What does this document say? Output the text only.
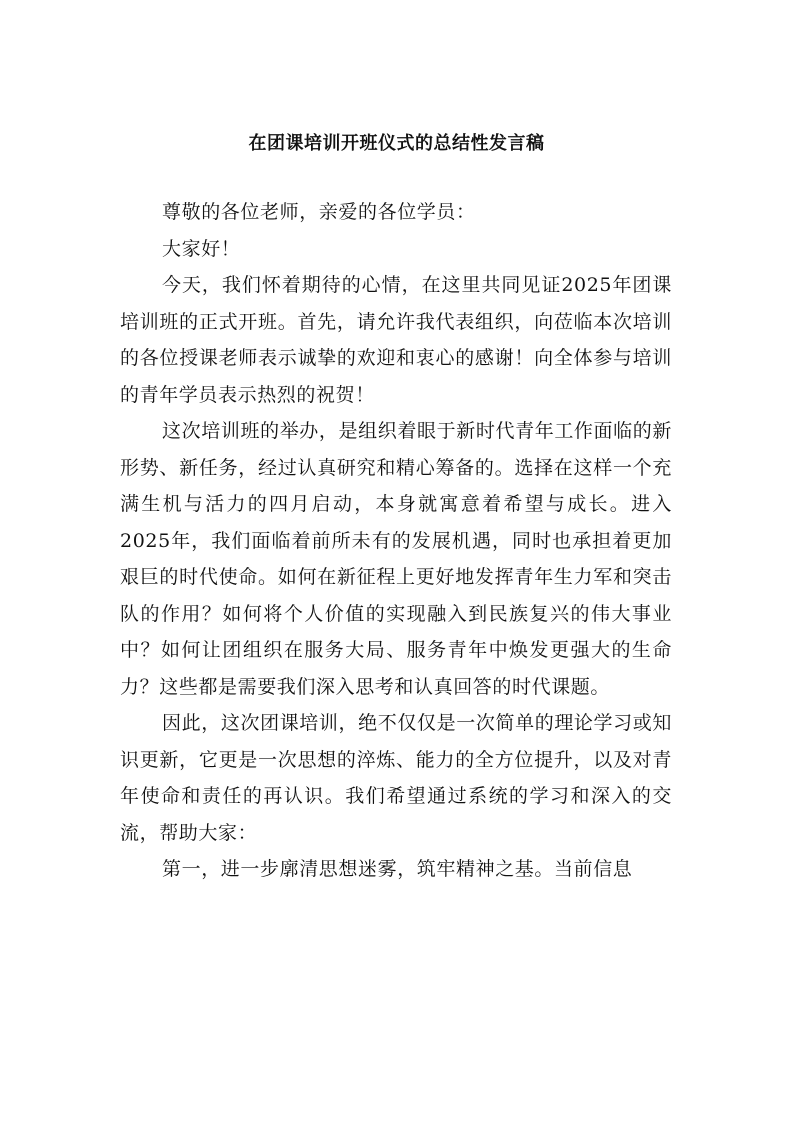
在团课培训开班仪式的总结性发言稿

尊敬的各位老师，亲爱的各位学员：

大家好！

今天，我们怀着期待的心情，在这里共同见证2025年团课培训班的正式开班。首先，请允许我代表组织，向莅临本次培训的各位授课老师表示诚挚的欢迎和衷心的感谢！向全体参与培训的青年学员表示热烈的祝贺！

这次培训班的举办，是组织着眼于新时代青年工作面临的新形势、新任务，经过认真研究和精心筹备的。选择在这样一个充满生机与活力的四月启动，本身就寓意着希望与成长。进入2025年，我们面临着前所未有的发展机遇，同时也承担着更加艰巨的时代使命。如何在新征程上更好地发挥青年生力军和突击队的作用？如何将个人价值的实现融入到民族复兴的伟大事业中？如何让团组织在服务大局、服务青年中焕发更强大的生命力？这些都是需要我们深入思考和认真回答的时代课题。

因此，这次团课培训，绝不仅仅是一次简单的理论学习或知识更新，它更是一次思想的淬炼、能力的全方位提升，以及对青年使命和责任的再认识。我们希望通过系统的学习和深入的交流，帮助大家：

第一，进一步廓清思想迷雾，筑牢精神之基。当前信息
